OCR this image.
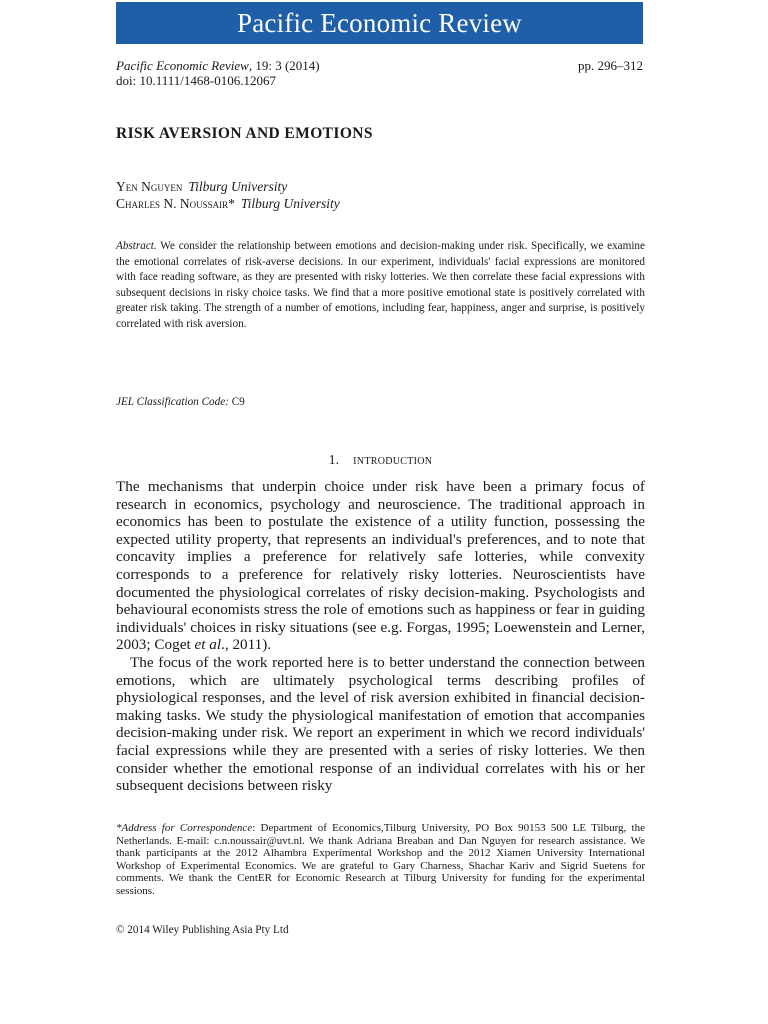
Pacific Economic Review
Pacific Economic Review, 19: 3 (2014)	pp. 296–312
doi: 10.1111/1468-0106.12067
RISK AVERSION AND EMOTIONS
Yen Nguyen Tilburg University
Charles N. Noussair* Tilburg University
Abstract. We consider the relationship between emotions and decision-making under risk. Specifically, we examine the emotional correlates of risk-averse decisions. In our experiment, individuals' facial expressions are monitored with face reading software, as they are presented with risky lotteries. We then correlate these facial expressions with subsequent decisions in risky choice tasks. We find that a more positive emotional state is positively correlated with greater risk taking. The strength of a number of emotions, including fear, happiness, anger and surprise, is positively correlated with risk aversion.
JEL Classification Code: C9
1. introduction

The mechanisms that underpin choice under risk have been a primary focus of research in economics, psychology and neuroscience. The traditional approach in economics has been to postulate the existence of a utility function, possessing the expected utility property, that represents an individual's preferences, and to note that concavity implies a preference for relatively safe lotteries, while convexity corresponds to a preference for relatively risky lotteries. Neuroscientists have documented the physiological correlates of risky decision-making. Psychologists and behavioural economists stress the role of emotions such as happiness or fear in guiding individuals' choices in risky situations (see e.g. Forgas, 1995; Loewenstein and Lerner, 2003; Coget et al., 2011).

The focus of the work reported here is to better understand the connection between emotions, which are ultimately psychological terms describing profiles of physiological responses, and the level of risk aversion exhibited in financial decision-making tasks. We study the physiological manifestation of emotion that accompanies decision-making under risk. We report an experiment in which we record individuals' facial expressions while they are presented with a series of risky lotteries. We then consider whether the emotional response of an individual correlates with his or her subsequent decisions between risky

*Address for Correspondence: Department of Economics,Tilburg University, PO Box 90153 500 LE Tilburg, the Netherlands. E-mail: c.n.noussair@uvt.nl. We thank Adriana Breaban and Dan Nguyen for research assistance. We thank participants at the 2012 Alhambra Experimental Workshop and the 2012 Xiamen University International Workshop of Experimental Economics. We are grateful to Gary Charness, Shachar Kariv and Sigrid Suetens for comments. We thank the CentER for Economic Research at Tilburg University for funding for the experimental sessions.
© 2014 Wiley Publishing Asia Pty Ltd
